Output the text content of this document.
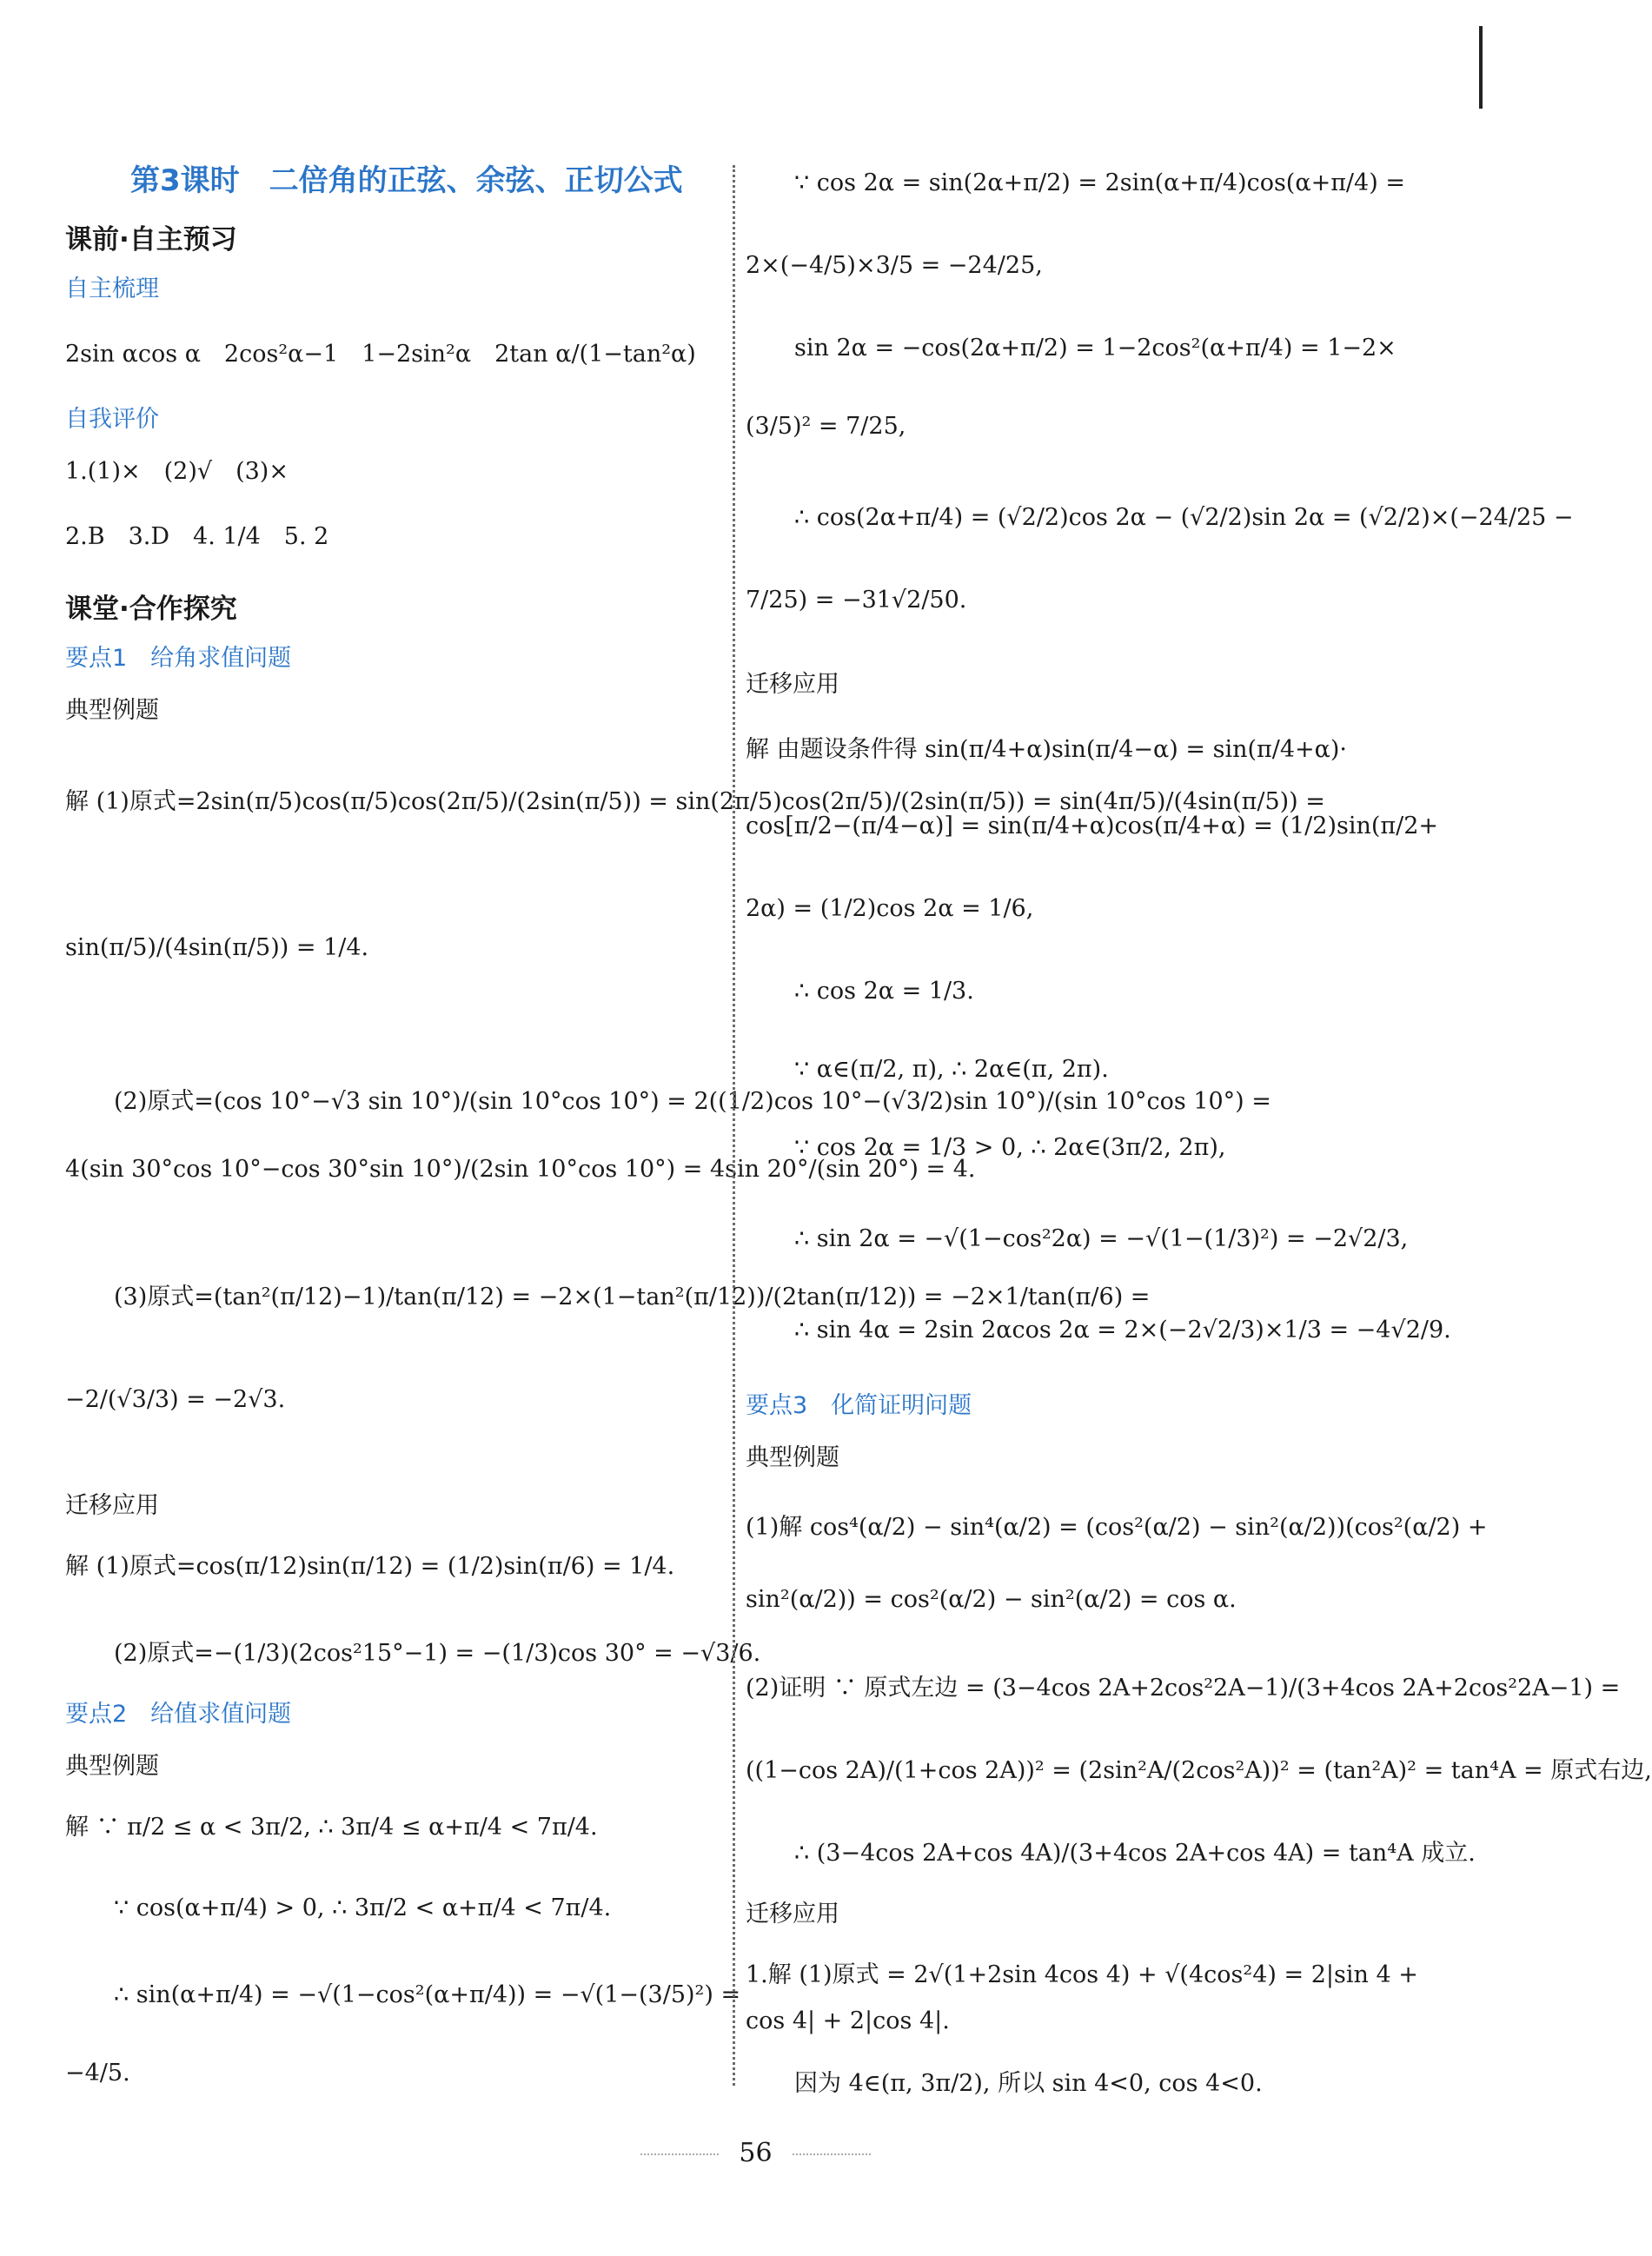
第3课时　二倍角的正弦、余弦、正切公式
课前·自主预习
自主梳理
2sin αcos α　2cos²α−1　1−2sin²α　2tan α/(1−tan²α)
自我评价
1.(1)×　(2)√　(3)×
2.B　3.D　4. 1/4　5. 2
课堂·合作探究
要点1　给角求值问题
典型例题
解 (1)原式=2sin(π/5)cos(π/5)cos(2π/5)/(2sin(π/5)) = sin(2π/5)cos(2π/5)/(2sin(π/5)) = sin(4π/5)/(4sin(π/5)) =
sin(π/5)/(4sin(π/5)) = 1/4.
(2)原式=(cos 10°−√3 sin 10°)/(sin 10°cos 10°) = 2((1/2)cos 10°−(√3/2)sin 10°)/(sin 10°cos 10°) =
4(sin 30°cos 10°−cos 30°sin 10°)/(2sin 10°cos 10°) = 4sin 20°/(sin 20°) = 4.
(3)原式=(tan²(π/12)−1)/tan(π/12) = −2×(1−tan²(π/12))/(2tan(π/12)) = −2×1/tan(π/6) =
−2/(√3/3) = −2√3.
迁移应用
解 (1)原式=cos(π/12)sin(π/12) = (1/2)sin(π/6) = 1/4.
(2)原式=−(1/3)(2cos²15°−1) = −(1/3)cos 30° = −√3/6.
要点2　给值求值问题
典型例题
解 ∵ π/2 ≤ α < 3π/2, ∴ 3π/4 ≤ α+π/4 < 7π/4.
∵ cos(α+π/4) > 0, ∴ 3π/2 < α+π/4 < 7π/4.
∴ sin(α+π/4) = −√(1−cos²(α+π/4)) = −√(1−(3/5)²) =
−4/5.
∵ cos 2α = sin(2α+π/2) = 2sin(α+π/4)cos(α+π/4) =
2×(−4/5)×3/5 = −24/25,
sin 2α = −cos(2α+π/2) = 1−2cos²(α+π/4) = 1−2×
(3/5)² = 7/25,
∴ cos(2α+π/4) = (√2/2)cos 2α − (√2/2)sin 2α = (√2/2)×(−24/25 −
7/25) = −31√2/50.
迁移应用
解 由题设条件得 sin(π/4+α)sin(π/4−α) = sin(π/4+α)·
cos[π/2−(π/4−α)] = sin(π/4+α)cos(π/4+α) = (1/2)sin(π/2+
2α) = (1/2)cos 2α = 1/6,
∴ cos 2α = 1/3.
∵ α∈(π/2, π), ∴ 2α∈(π, 2π).
∵ cos 2α = 1/3 > 0, ∴ 2α∈(3π/2, 2π),
∴ sin 2α = −√(1−cos²2α) = −√(1−(1/3)²) = −2√2/3,
∴ sin 4α = 2sin 2αcos 2α = 2×(−2√2/3)×1/3 = −4√2/9.
要点3　化简证明问题
典型例题
(1)解 cos⁴(α/2) − sin⁴(α/2) = (cos²(α/2) − sin²(α/2))(cos²(α/2) +
sin²(α/2)) = cos²(α/2) − sin²(α/2) = cos α.
(2)证明 ∵ 原式左边 = (3−4cos 2A+2cos²2A−1)/(3+4cos 2A+2cos²2A−1) =
((1−cos 2A)/(1+cos 2A))² = (2sin²A/(2cos²A))² = (tan²A)² = tan⁴A = 原式右边,
∴ (3−4cos 2A+cos 4A)/(3+4cos 2A+cos 4A) = tan⁴A 成立.
迁移应用
1.解 (1)原式 = 2√(1+2sin 4cos 4) + √(4cos²4) = 2|sin 4 +
cos 4| + 2|cos 4|.
因为 4∈(π, 3π/2), 所以 sin 4<0, cos 4<0.
56
